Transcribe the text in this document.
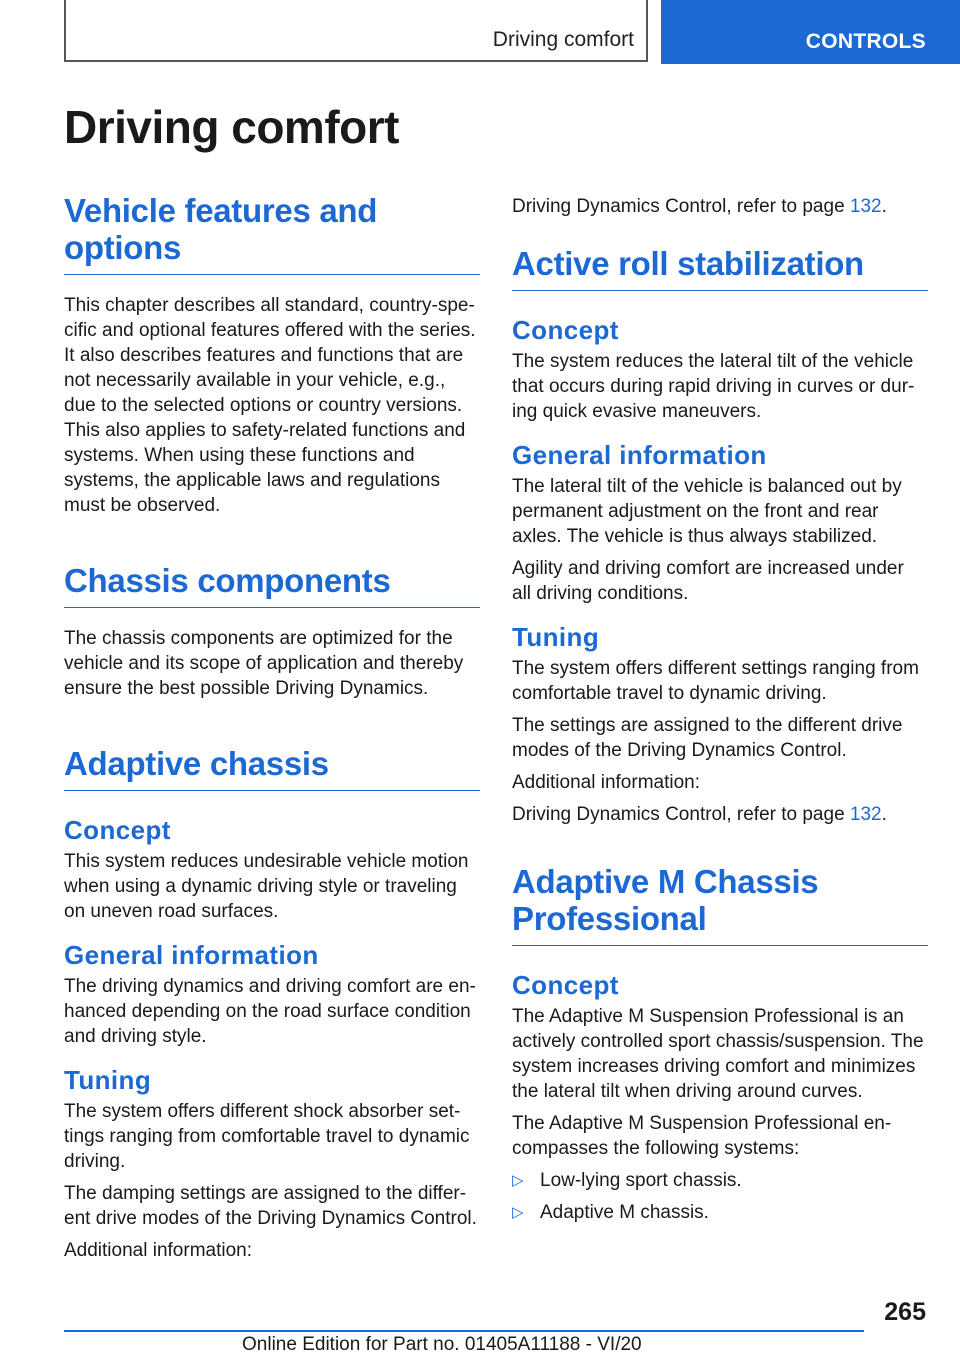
Driving comfort	CONTROLS
Driving comfort
Vehicle features and options

This chapter describes all standard, country-specific and optional features offered with the series. It also describes features and functions that are not necessarily available in your vehicle, e.g., due to the selected options or country versions. This also applies to safety-related functions and systems. When using these functions and systems, the applicable laws and regulations must be observed.

Chassis components

The chassis components are optimized for the vehicle and its scope of application and thereby ensure the best possible Driving Dynamics.

Adaptive chassis
Concept

This system reduces undesirable vehicle motion when using a dynamic driving style or traveling on uneven road surfaces.

General information

The driving dynamics and driving comfort are enhanced depending on the road surface condition and driving style.

Tuning

The system offers different shock absorber settings ranging from comfortable travel to dynamic driving.

The damping settings are assigned to the different drive modes of the Driving Dynamics Control.

Additional information:

Driving Dynamics Control, refer to page 132.

Active roll stabilization
Concept

The system reduces the lateral tilt of the vehicle that occurs during rapid driving in curves or during quick evasive maneuvers.

General information

The lateral tilt of the vehicle is balanced out by permanent adjustment on the front and rear axles. The vehicle is thus always stabilized.

Agility and driving comfort are increased under all driving conditions.

Tuning

The system offers different settings ranging from comfortable travel to dynamic driving.

The settings are assigned to the different drive modes of the Driving Dynamics Control.

Additional information:

Driving Dynamics Control, refer to page 132.

Adaptive M Chassis Professional
Concept

The Adaptive M Suspension Professional is an actively controlled sport chassis/suspension. The system increases driving comfort and minimizes the lateral tilt when driving around curves.

The Adaptive M Suspension Professional encompasses the following systems:

▷ Low-lying sport chassis.
▷ Adaptive M chassis.
265
Online Edition for Part no. 01405A11188 - VI/20
